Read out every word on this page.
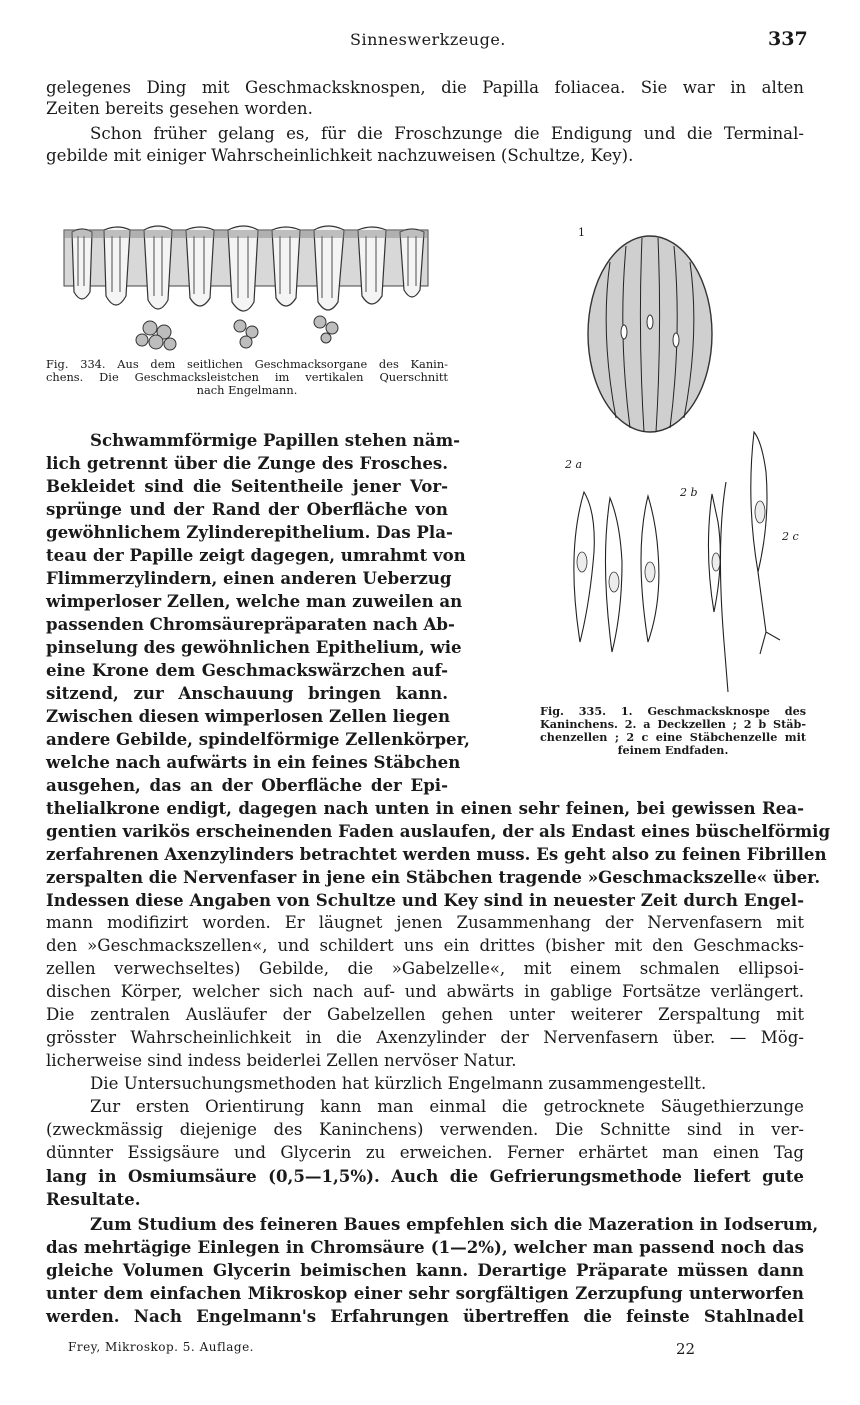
Sinneswerkzeuge.	337
gelegenes Ding mit Geschmacksknospen, die Papilla foliacea. Sie war in alten
Zeiten bereits gesehen worden.
Schon früher gelang es, für die Froschzunge die Endigung und die Terminal-
gebilde mit einiger Wahrscheinlichkeit nachzuweisen (Schultze, Key).
Fig. 334. Aus dem seitlichen Geschmacksorgane des Kanin-
chens. Die Geschmacksleistchen im vertikalen Querschnitt
nach Engelmann.
1
2 a
2 b
2 c
Fig. 335. 1. Geschmacksknospe des
Kaninchens. 2. a Deckzellen ; 2 b Stäb-
chenzellen ; 2 c eine Stäbchenzelle mit
feinem Endfaden.
Schwammförmige Papillen stehen näm-
lich getrennt über die Zunge des Frosches.
Bekleidet sind die Seitentheile jener Vor-
sprünge und der Rand der Oberfläche von
gewöhnlichem Zylinderepithelium. Das Pla-
teau der Papille zeigt dagegen, umrahmt von
Flimmerzylindern, einen anderen Ueberzug
wimperloser Zellen, welche man zuweilen an
passenden Chromsäurepräparaten nach Ab-
pinselung des gewöhnlichen Epithelium, wie
eine Krone dem Geschmackswärzchen auf-
sitzend, zur Anschauung bringen kann.
Zwischen diesen wimperlosen Zellen liegen
andere Gebilde, spindelförmige Zellenkörper,
welche nach aufwärts in ein feines Stäbchen
ausgehen, das an der Oberfläche der Epi-
thelialkrone endigt, dagegen nach unten in einen sehr feinen, bei gewissen Rea-
gentien varikös erscheinenden Faden auslaufen, der als Endast eines büschelförmig
zerfahrenen Axenzylinders betrachtet werden muss. Es geht also zu feinen Fibrillen
zerspalten die Nervenfaser in jene ein Stäbchen tragende »Geschmackszelle« über.
Indessen diese Angaben von Schultze und Key sind in neuester Zeit durch Engel-
mann modifizirt worden. Er läugnet jenen Zusammenhang der Nervenfasern mit
den »Geschmackszellen«, und schildert uns ein drittes (bisher mit den Geschmacks-
zellen verwechseltes) Gebilde, die »Gabelzelle«, mit einem schmalen ellipsoi-
dischen Körper, welcher sich nach auf- und abwärts in gablige Fortsätze verlängert.
Die zentralen Ausläufer der Gabelzellen gehen unter weiterer Zerspaltung mit
grösster Wahrscheinlichkeit in die Axenzylinder der Nervenfasern über. — Mög-
licherweise sind indess beiderlei Zellen nervöser Natur.
Die Untersuchungsmethoden hat kürzlich Engelmann zusammengestellt.
Zur ersten Orientirung kann man einmal die getrocknete Säugethierzunge
(zweckmässig diejenige des Kaninchens) verwenden. Die Schnitte sind in ver-
dünnter Essigsäure und Glycerin zu erweichen. Ferner erhärtet man einen Tag
lang in Osmiumsäure (0,5—1,5%). Auch die Gefrierungsmethode liefert gute
Resultate.
Zum Studium des feineren Baues empfehlen sich die Mazeration in Iodserum,
das mehrtägige Einlegen in Chromsäure (1—2%), welcher man passend noch das
gleiche Volumen Glycerin beimischen kann. Derartige Präparate müssen dann
unter dem einfachen Mikroskop einer sehr sorgfältigen Zerzupfung unterworfen
werden. Nach Engelmann's Erfahrungen übertreffen die feinste Stahlnadel
Frey, Mikroskop. 5. Auflage.	22
